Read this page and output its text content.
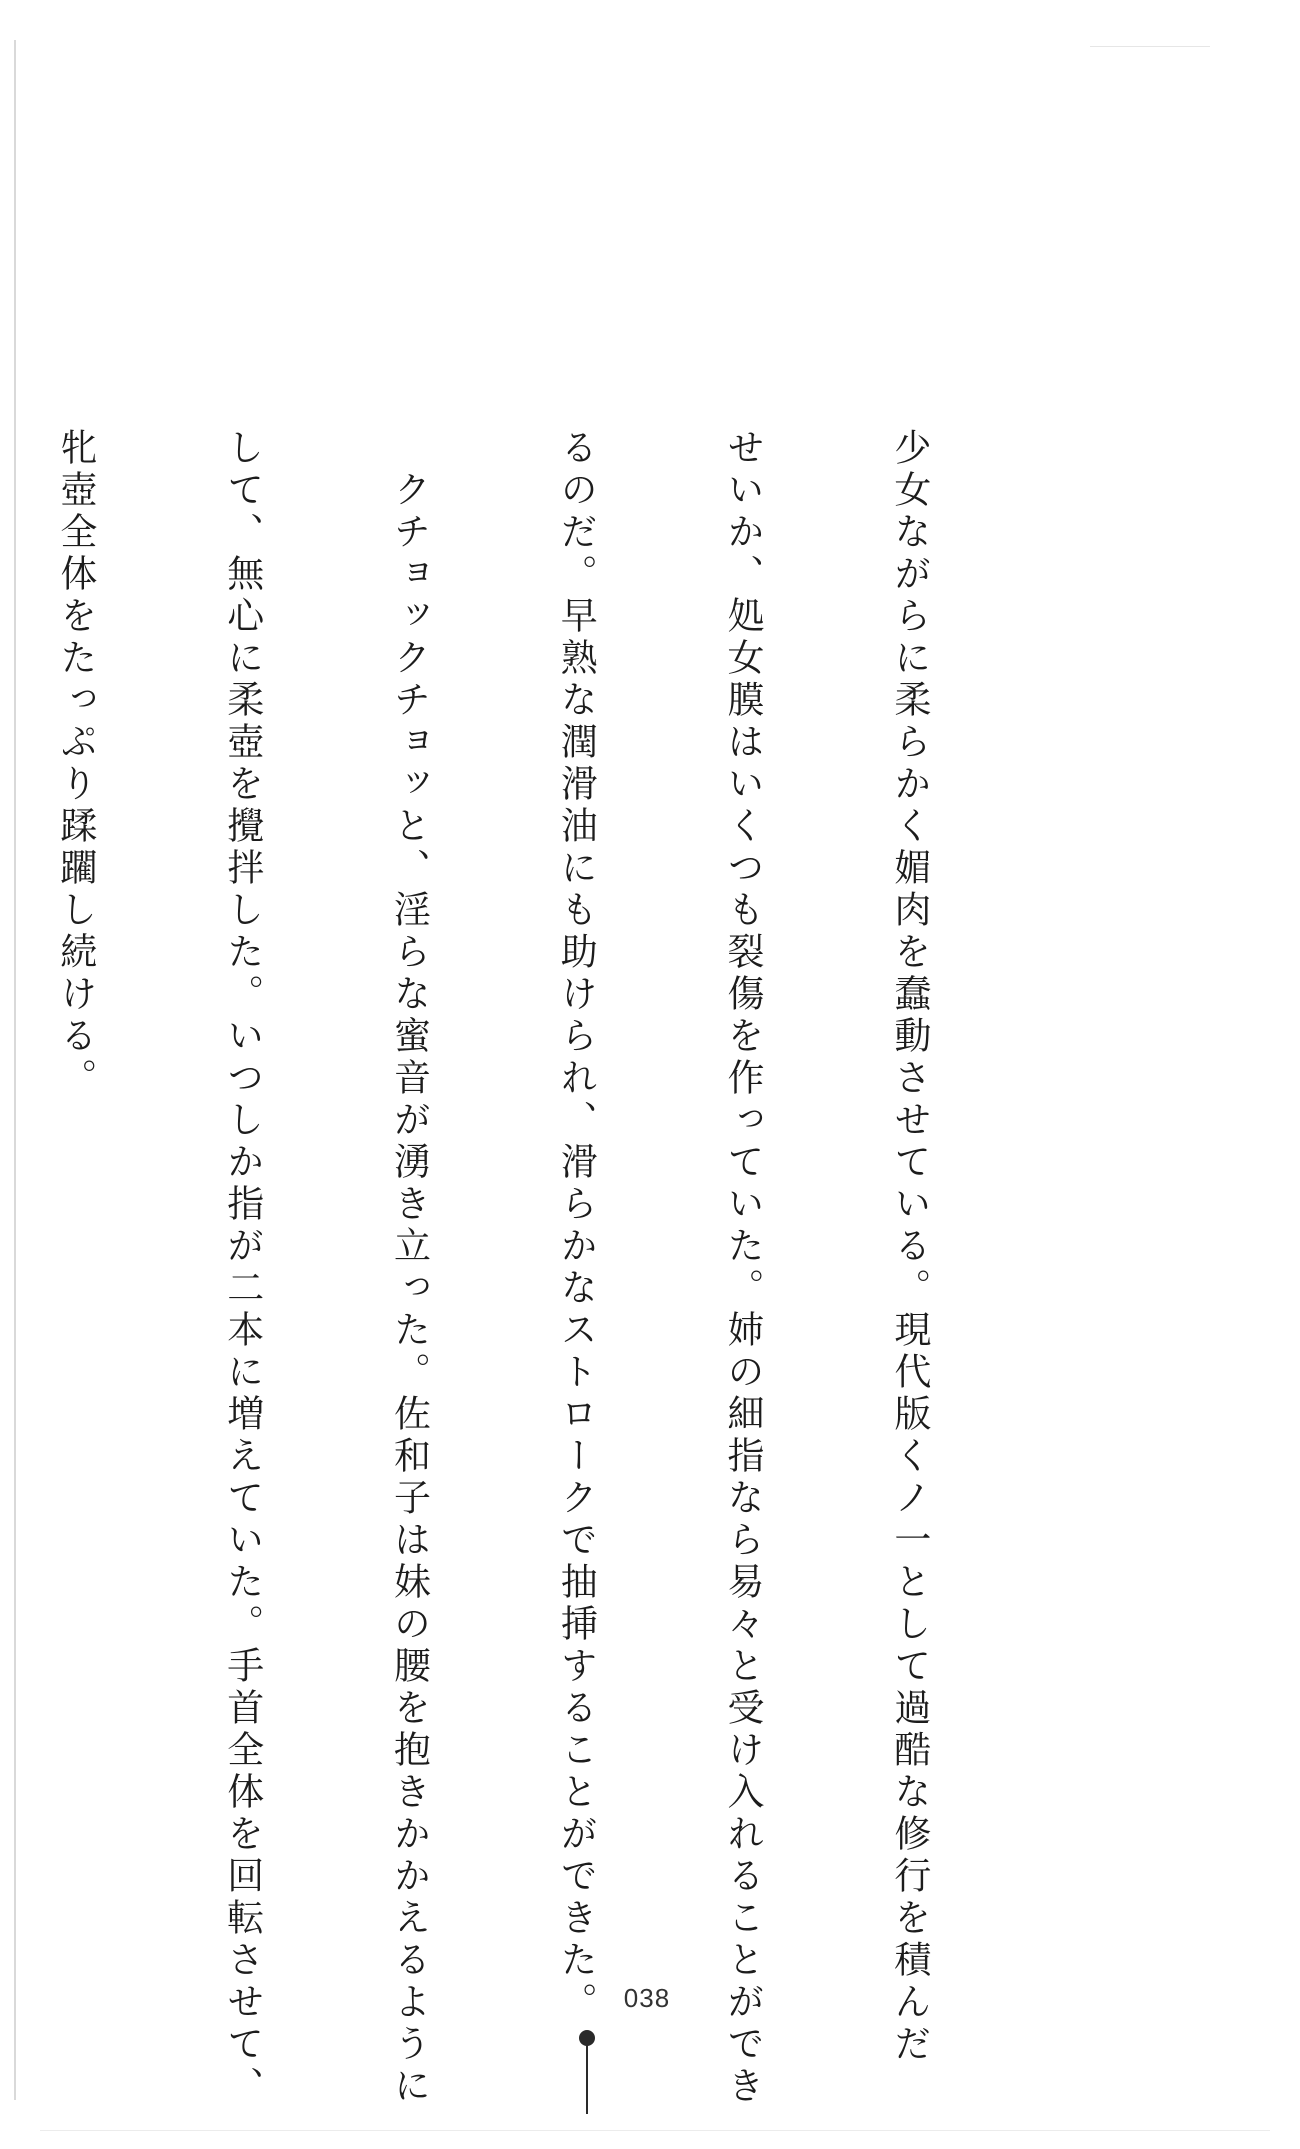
少女ながらに柔らかく媚肉を蠢動させている。現代版くノ一として過酷な修行を積んだ

せいか、処女膜はいくつも裂傷を作っていた。姉の細指なら易々と受け入れることができ

るのだ。早熟な潤滑油にも助けられ、滑らかなストロークで抽挿することができた。

　クチョックチョッと、淫らな蜜音が湧き立った。佐和子は妹の腰を抱きかかえるように

して、無心に柔壺を攪拌した。いつしか指が二本に増えていた。手首全体を回転させて、

牝壺全体をたっぷり蹂躙し続ける。

038
